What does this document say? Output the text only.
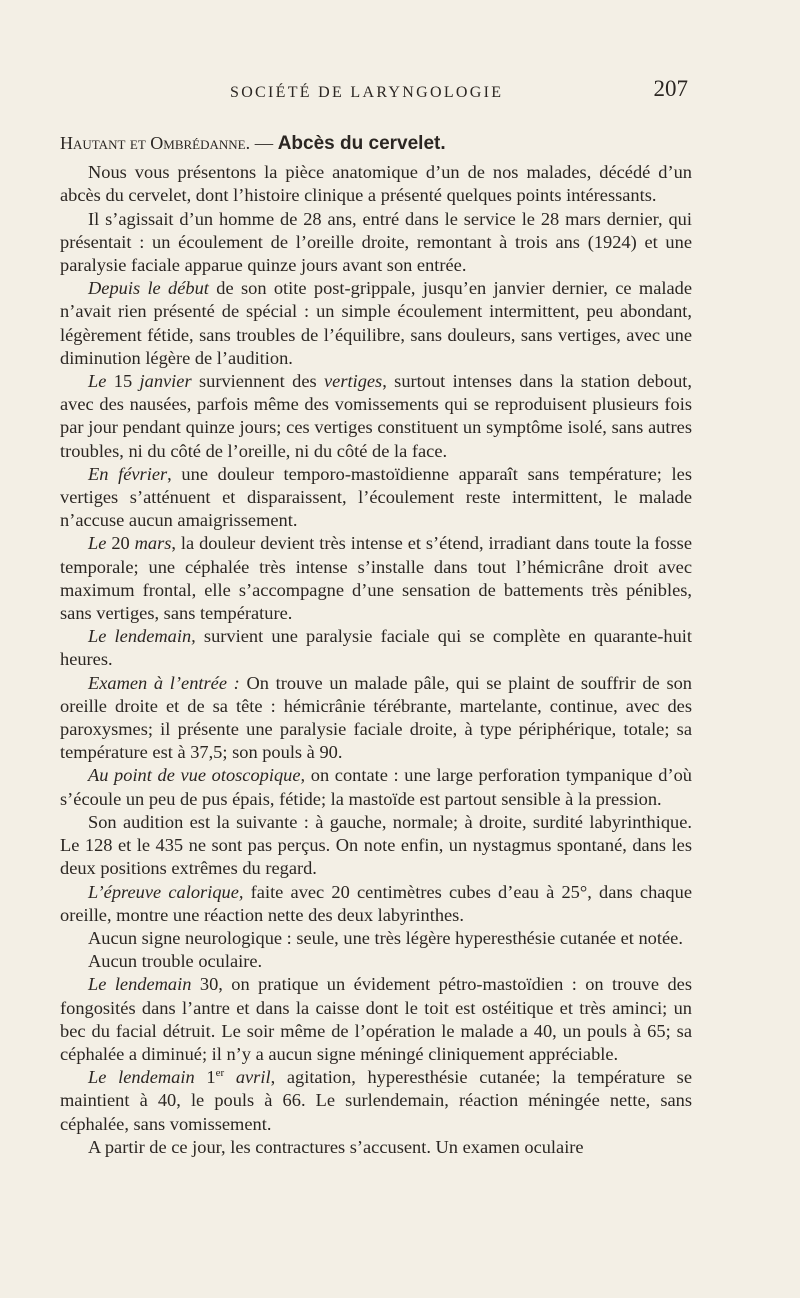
SOCIÉTÉ DE LARYNGOLOGIE	207

Hautant et Ombrédanne. — Abcès du cervelet.

Nous vous présentons la pièce anatomique d’un de nos malades, décédé d’un abcès du cervelet, dont l’histoire clinique a présenté quelques points intéressants.

Il s’agissait d’un homme de 28 ans, entré dans le service le 28 mars dernier, qui présentait : un écoulement de l’oreille droite, remontant à trois ans (1924) et une paralysie faciale apparue quinze jours avant son entrée.

Depuis le début de son otite post-grippale, jusqu’en janvier dernier, ce malade n’avait rien présenté de spécial : un simple écoulement intermittent, peu abondant, légèrement fétide, sans troubles de l’équilibre, sans douleurs, sans vertiges, avec une diminution légère de l’audition.

Le 15 janvier surviennent des vertiges, surtout intenses dans la station debout, avec des nausées, parfois même des vomissements qui se reproduisent plusieurs fois par jour pendant quinze jours; ces vertiges constituent un symptôme isolé, sans autres troubles, ni du côté de l’oreille, ni du côté de la face.

En février, une douleur temporo-mastoïdienne apparaît sans température; les vertiges s’atténuent et disparaissent, l’écoulement reste intermittent, le malade n’accuse aucun amaigrissement.

Le 20 mars, la douleur devient très intense et s’étend, irradiant dans toute la fosse temporale; une céphalée très intense s’installe dans tout l’hémicrâne droit avec maximum frontal, elle s’accompagne d’une sensation de battements très pénibles, sans vertiges, sans température.

Le lendemain, survient une paralysie faciale qui se complète en quarante-huit heures.

Examen à l’entrée : On trouve un malade pâle, qui se plaint de souffrir de son oreille droite et de sa tête : hémicrânie térébrante, martelante, continue, avec des paroxysmes; il présente une paralysie faciale droite, à type périphérique, totale; sa température est à 37,5; son pouls à 90.

Au point de vue otoscopique, on contate : une large perforation tympanique d’où s’écoule un peu de pus épais, fétide; la mastoïde est partout sensible à la pression.

Son audition est la suivante : à gauche, normale; à droite, surdité labyrinthique. Le 128 et le 435 ne sont pas perçus. On note enfin, un nystagmus spontané, dans les deux positions extrêmes du regard.

L’épreuve calorique, faite avec 20 centimètres cubes d’eau à 25°, dans chaque oreille, montre une réaction nette des deux labyrinthes.

Aucun signe neurologique : seule, une très légère hyperesthésie cutanée et notée.

Aucun trouble oculaire.

Le lendemain 30, on pratique un évidement pétro-mastoïdien : on trouve des fongosités dans l’antre et dans la caisse dont le toit est ostéitique et très aminci; un bec du facial détruit. Le soir même de l’opération le malade a 40, un pouls à 65; sa céphalée a diminué; il n’y a aucun signe méningé cliniquement appréciable.

Le lendemain 1er avril, agitation, hyperesthésie cutanée; la température se maintient à 40, le pouls à 66. Le surlendemain, réaction méningée nette, sans céphalée, sans vomissement.

A partir de ce jour, les contractures s’accusent. Un examen oculaire
